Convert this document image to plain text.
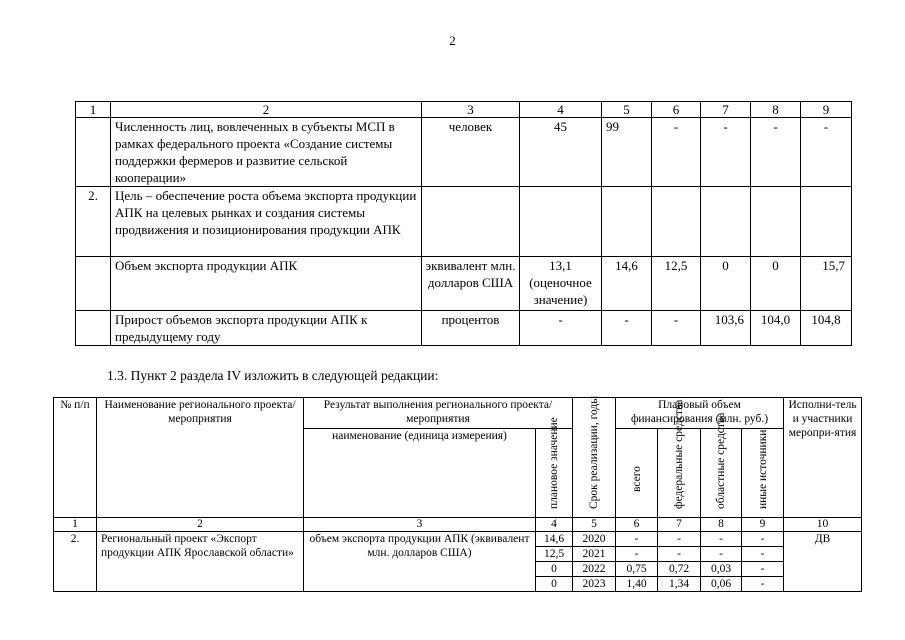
2
1	2	3	4	5	6	7	8	9
	Численность лиц, вовлеченных в субъекты МСП в рамках федерального проекта «Создание системы поддержки фермеров и развитие сельской кооперации»	человек	45	99	-	-	-	-
2.	Цель – обеспечение роста объема экспорта продукции АПК на целевых рынках и создания системы продвижения и позиционирования продукции АПК							
	Объем экспорта продукции АПК	эквивалент млн. долларов США	13,1 (оценочное значение)	14,6	12,5	0	0	15,7
	Прирост объемов экспорта продукции АПК к предыдущему году	процентов	-	-	-	103,6	104,0	104,8
1.3. Пункт 2 раздела IV изложить в следующей редакции:
№ п/п	Наименование регионального проекта/ мероприятия	Результат выполнения регионального проекта/ мероприятия		Срок реализации, годы	Плановый объем финансирования (млн. руб.)				Исполни-тель и участники меропри-ятия
		наименование (единица измерения)	плановое значение		всего	федеральные средства	областные средства	иные источники	

1	2	3	4	5	6	7	8	9	10
2.	Региональный проект «Экспорт продукции АПК Ярославской области»	объем экспорта продукции АПК (эквивалент млн. долларов США)	14,6	2020	-	-	-	-	ДВ
			12,5	2021	-	-	-	-	
			0	2022	0,75	0,72	0,03	-	
			0	2023	1,40	1,34	0,06	-	
